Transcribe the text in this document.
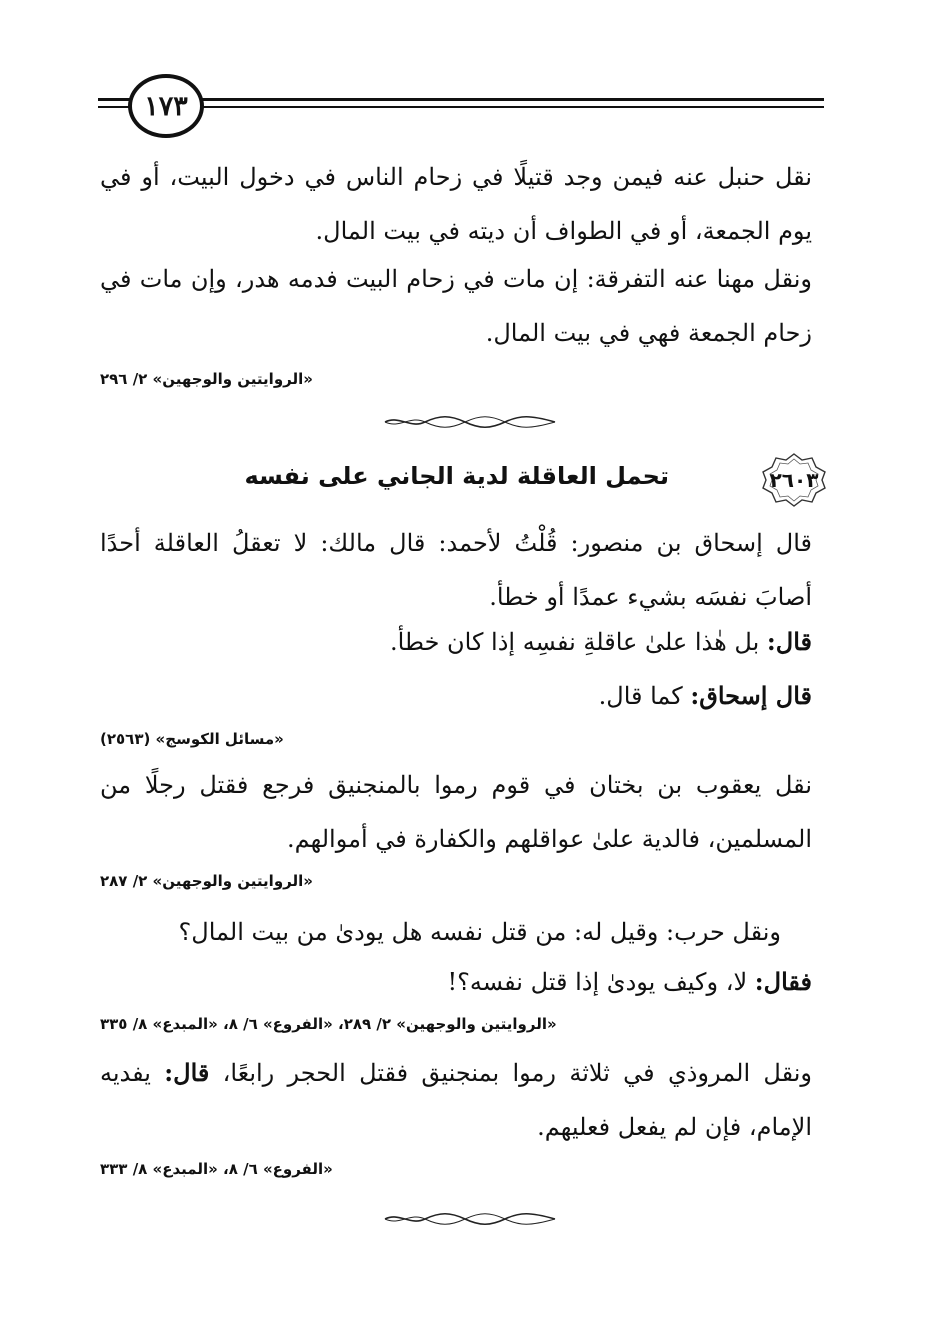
١٧٣

نقل حنبل عنه فيمن وجد قتيلًا في زحام الناس في دخول البيت، أو في يوم الجمعة، أو في الطواف أن ديته في بيت المال.

ونقل مهنا عنه التفرقة: إن مات في زحام البيت فدمه هدر، وإن مات في زحام الجمعة فهي في بيت المال.

«الروايتين والوجهين» ٢/ ٢٩٦
٢٦٠٣
تحمل العاقلة لدية الجاني على نفسه

قال إسحاق بن منصور: قُلْتُ لأحمد: قال مالك: لا تعقلُ العاقلة أحدًا أصابَ نفسَه بشيء عمدًا أو خطأ.

قال: بل هٰذا علىٰ عاقلةِ نفسِه إذا كان خطأ.

قال إسحاق: كما قال.

«مسائل الكوسج» (٢٥٦٣)

نقل يعقوب بن بختان في قوم رموا بالمنجنيق فرجع فقتل رجلًا من المسلمين، فالدية علىٰ عواقلهم والكفارة في أموالهم.

«الروايتين والوجهين» ٢/ ٢٨٧

ونقل حرب: وقيل له: من قتل نفسه هل يودىٰ من بيت المال؟

فقال: لا، وكيف يودىٰ إذا قتل نفسه؟!

«الروايتين والوجهين» ٢/ ٢٨٩، «الفروع» ٦/ ٨، «المبدع» ٨/ ٣٣٥

ونقل المروذي في ثلاثة رموا بمنجنيق فقتل الحجر رابعًا، قال: يفديه الإمام، فإن لم يفعل فعليهم.

«الفروع» ٦/ ٨، «المبدع» ٨/ ٣٣٣
